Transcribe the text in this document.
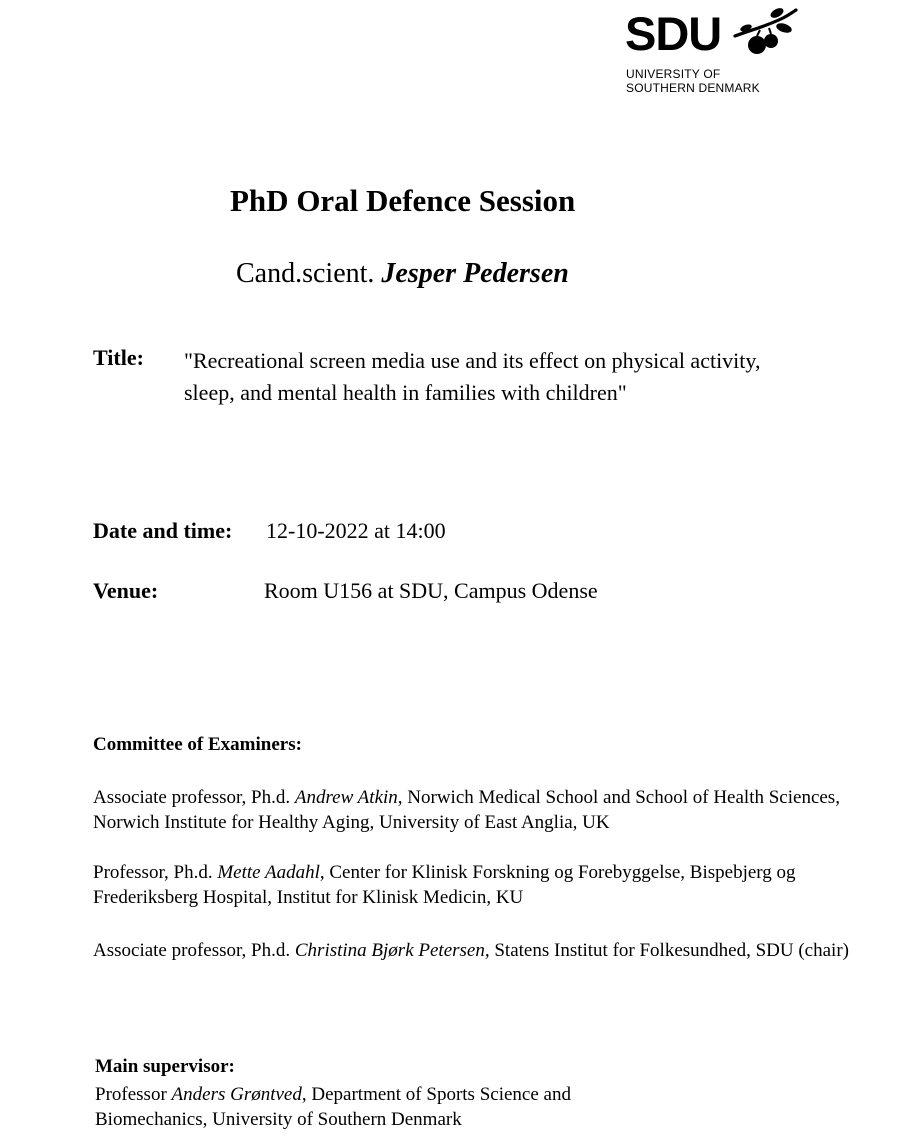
SDU
UNIVERSITY OF
SOUTHERN DENMARK
PhD Oral Defence Session
Cand.scient. Jesper Pedersen
Title: "Recreational screen media use and its effect on physical activity, sleep, and mental health in families with children"
Date and time: 12-10-2022 at 14:00
Venue:	Room U156 at SDU, Campus Odense
Committee of Examiners:
Associate professor, Ph.d. Andrew Atkin, Norwich Medical School and School of Health Sciences, Norwich Institute for Healthy Aging, University of East Anglia, UK
Professor, Ph.d. Mette Aadahl, Center for Klinisk Forskning og Forebyggelse, Bispebjerg og Frederiksberg Hospital, Institut for Klinisk Medicin, KU
Associate professor, Ph.d. Christina Bjørk Petersen, Statens Institut for Folkesundhed, SDU (chair)
Main supervisor:
Professor Anders Grøntved, Department of Sports Science and Biomechanics, University of Southern Denmark
